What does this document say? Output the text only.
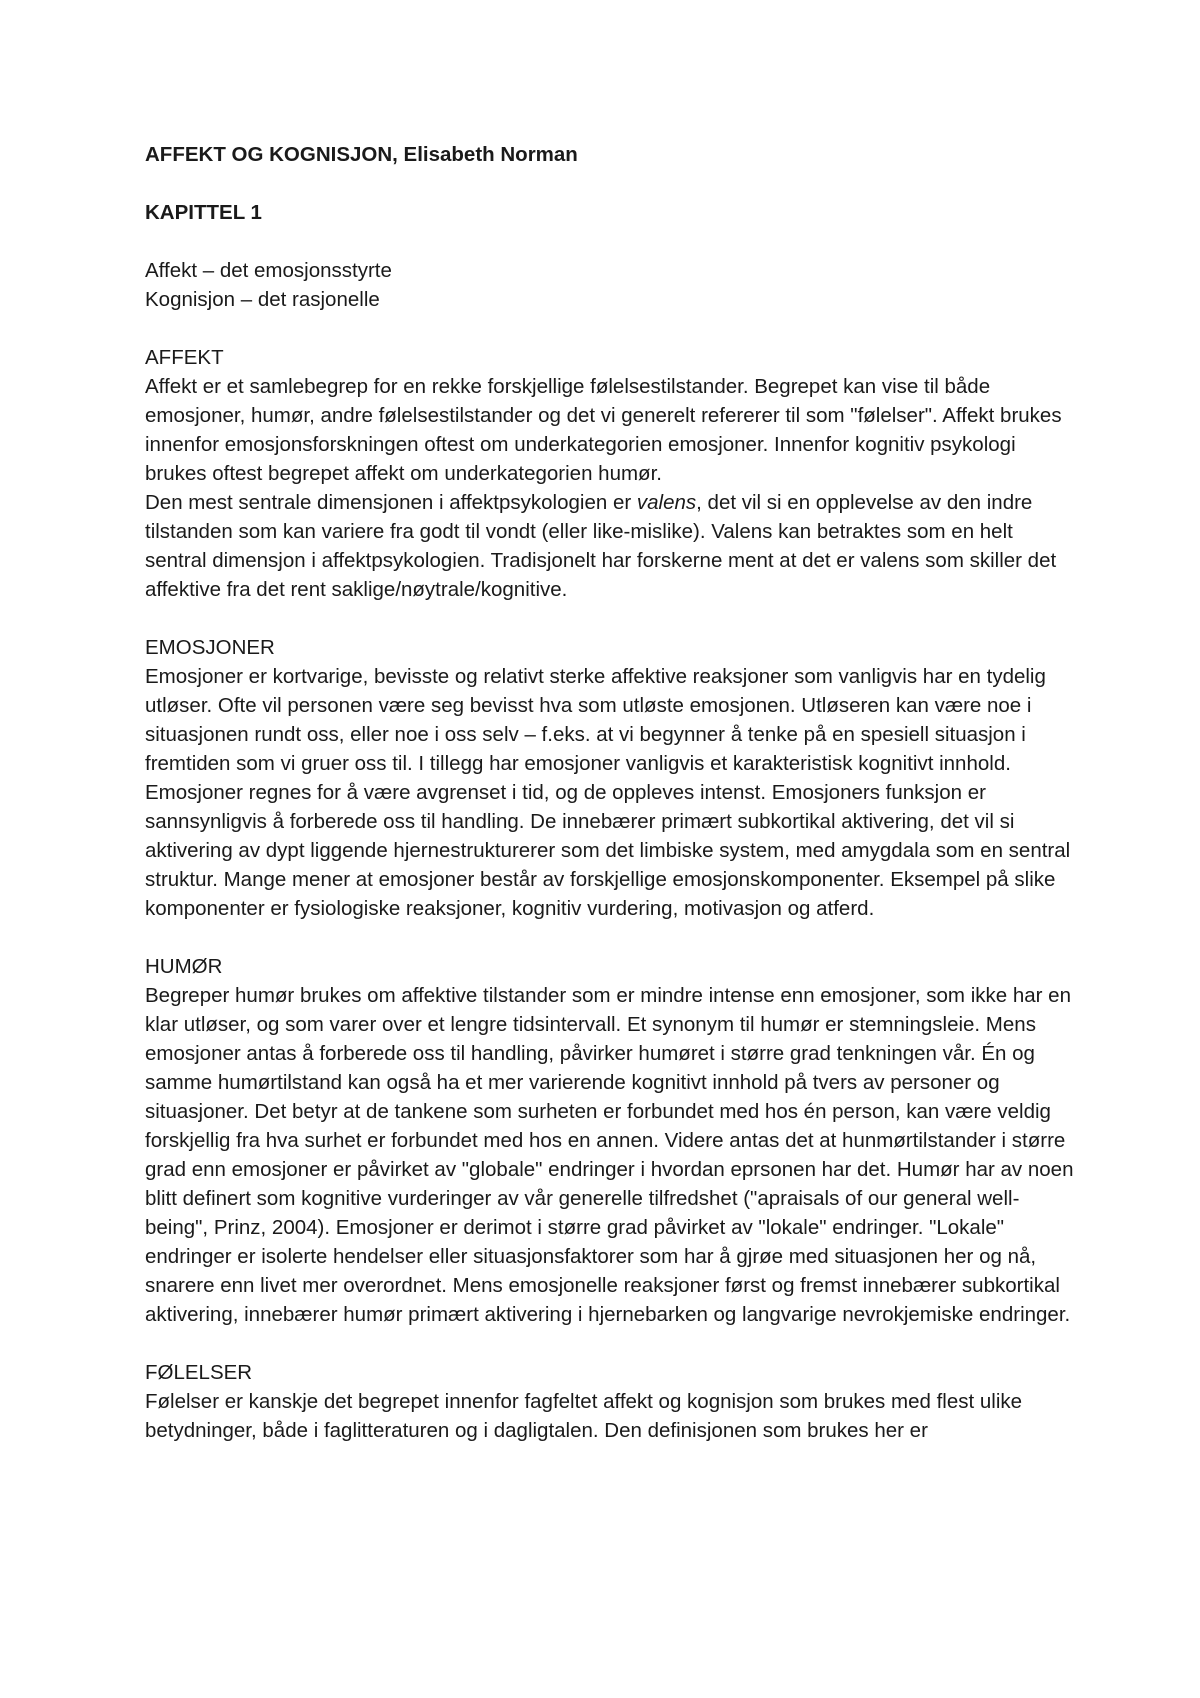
AFFEKT OG KOGNISJON, Elisabeth Norman

KAPITTEL 1

Affekt – det emosjonsstyrte
Kognisjon – det rasjonelle

AFFEKT

Affekt er et samlebegrep for en rekke forskjellige følelsestilstander. Begrepet kan vise til både emosjoner, humør, andre følelsestilstander og det vi generelt refererer til som "følelser". Affekt brukes innenfor emosjonsforskningen oftest om underkategorien emosjoner. Innenfor kognitiv psykologi brukes oftest begrepet affekt om underkategorien humør.

Den mest sentrale dimensjonen i affektpsykologien er valens, det vil si en opplevelse av den indre tilstanden som kan variere fra godt til vondt (eller like-mislike). Valens kan betraktes som en helt sentral dimensjon i affektpsykologien. Tradisjonelt har forskerne ment at det er valens som skiller det affektive fra det rent saklige/nøytrale/kognitive.

EMOSJONER

Emosjoner er kortvarige, bevisste og relativt sterke affektive reaksjoner som vanligvis har en tydelig utløser. Ofte vil personen være seg bevisst hva som utløste emosjonen. Utløseren kan være noe i situasjonen rundt oss, eller noe i oss selv – f.eks. at vi begynner å tenke på en spesiell situasjon i fremtiden som vi gruer oss til. I tillegg har emosjoner vanligvis et karakteristisk kognitivt innhold. Emosjoner regnes for å være avgrenset i tid, og de oppleves intenst. Emosjoners funksjon er sannsynligvis å forberede oss til handling. De innebærer primært subkortikal aktivering, det vil si aktivering av dypt liggende hjernestrukturerer som det limbiske system, med amygdala som en sentral struktur. Mange mener at emosjoner består av forskjellige emosjonskomponenter. Eksempel på slike komponenter er fysiologiske reaksjoner, kognitiv vurdering, motivasjon og atferd.

HUMØR

Begreper humør brukes om affektive tilstander som er mindre intense enn emosjoner, som ikke har en klar utløser, og som varer over et lengre tidsintervall. Et synonym til humør er stemningsleie. Mens emosjoner antas å forberede oss til handling, påvirker humøret i større grad tenkningen vår. Én og samme humørtilstand kan også ha et mer varierende kognitivt innhold på tvers av personer og situasjoner. Det betyr at de tankene som surheten er forbundet med hos én person, kan være veldig forskjellig fra hva surhet er forbundet med hos en annen. Videre antas det at hunmørtilstander i større grad enn emosjoner er påvirket av "globale" endringer i hvordan eprsonen har det. Humør har av noen blitt definert som kognitive vurderinger av vår generelle tilfredshet ("apraisals of our general well-being", Prinz, 2004). Emosjoner er derimot i større grad påvirket av "lokale" endringer. "Lokale" endringer er isolerte hendelser eller situasjonsfaktorer som har å gjrøe med situasjonen her og nå, snarere enn livet mer overordnet. Mens emosjonelle reaksjoner først og fremst innebærer subkortikal aktivering, innebærer humør primært aktivering i hjernebarken og langvarige nevrokjemiske endringer.

FØLELSER

Følelser er kanskje det begrepet innenfor fagfeltet affekt og kognisjon som brukes med flest ulike betydninger, både i faglitteraturen og i dagligtalen. Den definisjonen som brukes her er
